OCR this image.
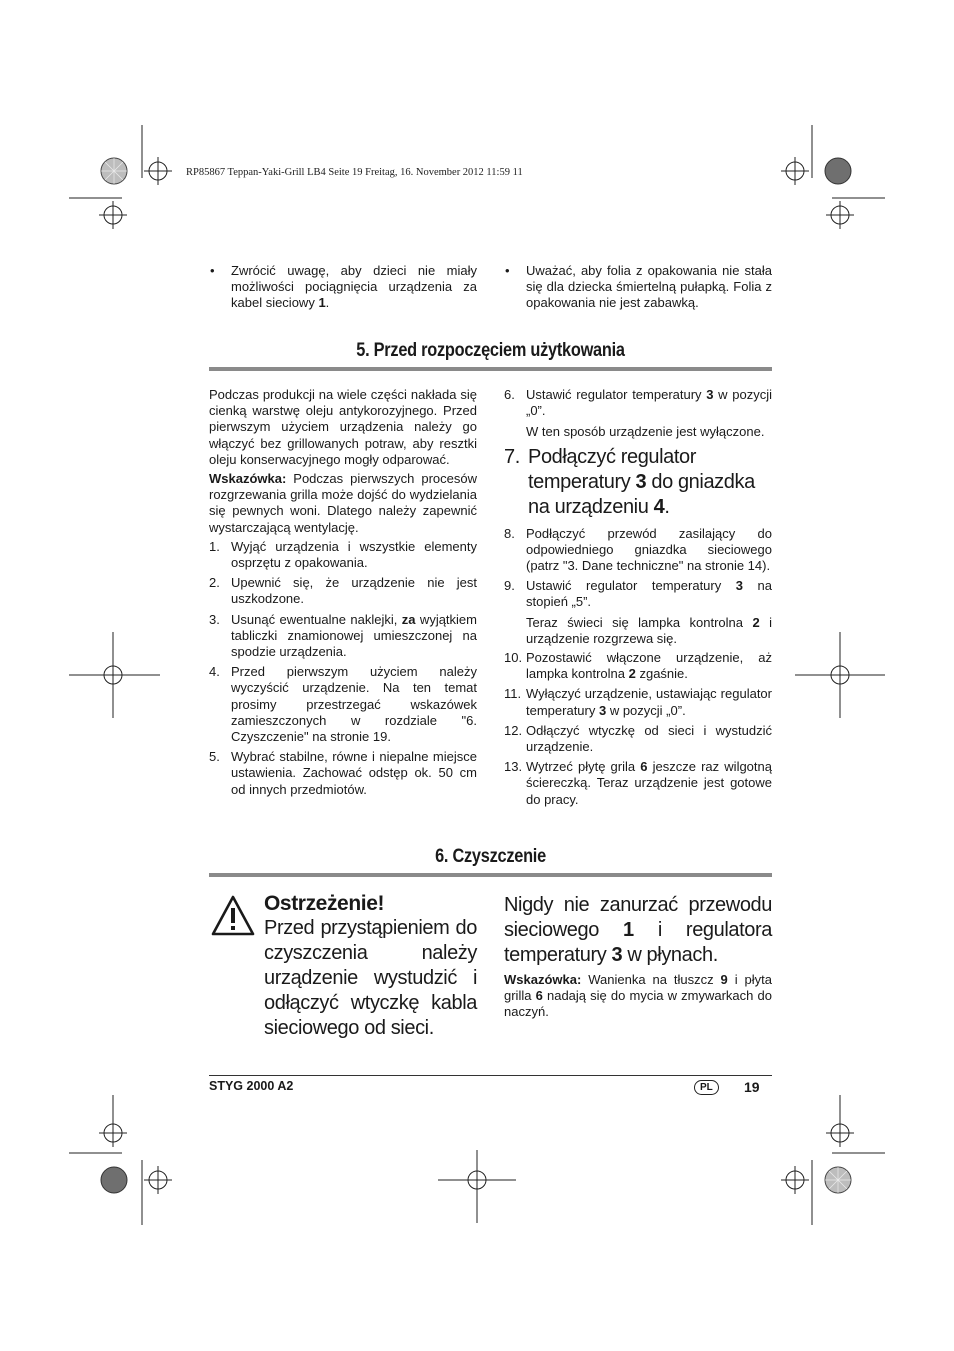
RP85867 Teppan-Yaki-Grill LB4 Seite 19 Freitag, 16. November 2012 11:59 11
• Zwrócić uwagę, aby dzieci nie miały możliwości pociągnięcia urządzenia za kabel sieciowy 1.
• Uważać, aby folia z opakowania nie stała się dla dziecka śmiertelną pułapką. Folia z opakowania nie jest zabawką.
5. Przed rozpoczęciem użytkowania

Podczas produkcji na wiele części nakłada się cienką warstwę oleju antykorozyjnego. Przed pierwszym użyciem urządzenia należy go włączyć bez grillowanych potraw, aby resztki oleju konserwacyjnego mogły odparować.

Wskazówka: Podczas pierwszych procesów rozgrzewania grilla może dojść do wydzielania się pewnych woni. Dlatego należy zapewnić wystarczającą wentylację.

1. Wyjąć urządzenia i wszystkie elementy osprzętu z opakowania.
2. Upewnić się, że urządzenie nie jest uszkodzone.
3. Usunąć ewentualne naklejki, za wyjątkiem tabliczki znamionowej umieszczonej na spodzie urządzenia.
4. Przed pierwszym użyciem należy wyczyścić urządzenie. Na ten temat prosimy przestrzegać wskazówek zamieszczonych w rozdziale "6. Czyszczenie" na stronie 19.
5. Wybrać stabilne, równe i niepalne miejsce ustawienia. Zachować odstęp ok. 50 cm od innych przedmiotów.
6. Ustawić regulator temperatury 3 w pozycji „0”.

W ten sposób urządzenie jest wyłączone.

7. Podłączyć regulator temperatury 3 do gniazdka na urządzeniu 4.
8. Podłączyć przewód zasilający do odpowiedniego gniazdka sieciowego (patrz "3. Dane techniczne" na stronie 14).
9. Ustawić regulator temperatury 3 na stopień „5”.

Teraz świeci się lampka kontrolna 2 i urządzenie rozgrzewa się.

10. Pozostawić włączone urządzenie, aż lampka kontrolna 2 zgaśnie.
11. Wyłączyć urządzenie, ustawiając regulator temperatury 3 w pozycji „0”.
12. Odłączyć wtyczkę od sieci i wystudzić urządzenie.
13. Wytrzeć płytę grila 6 jeszcze raz wilgotną ściereczką. Teraz urządzenie jest gotowe do pracy.
6. Czyszczenie
Ostrzeżenie!
Przed przystąpieniem do czyszczenia należy urządzenie wystudzić i odłączyć wtyczkę kabla sieciowego od sieci.
Nigdy nie zanurzać przewodu sieciowego 1 i regulatora temperatury 3 w płynach.

Wskazówka: Wanienka na tłuszcz 9 i płyta grilla 6 nadają się do mycia w zmywarkach do naczyń.

STYG 2000 A2	PL	19
